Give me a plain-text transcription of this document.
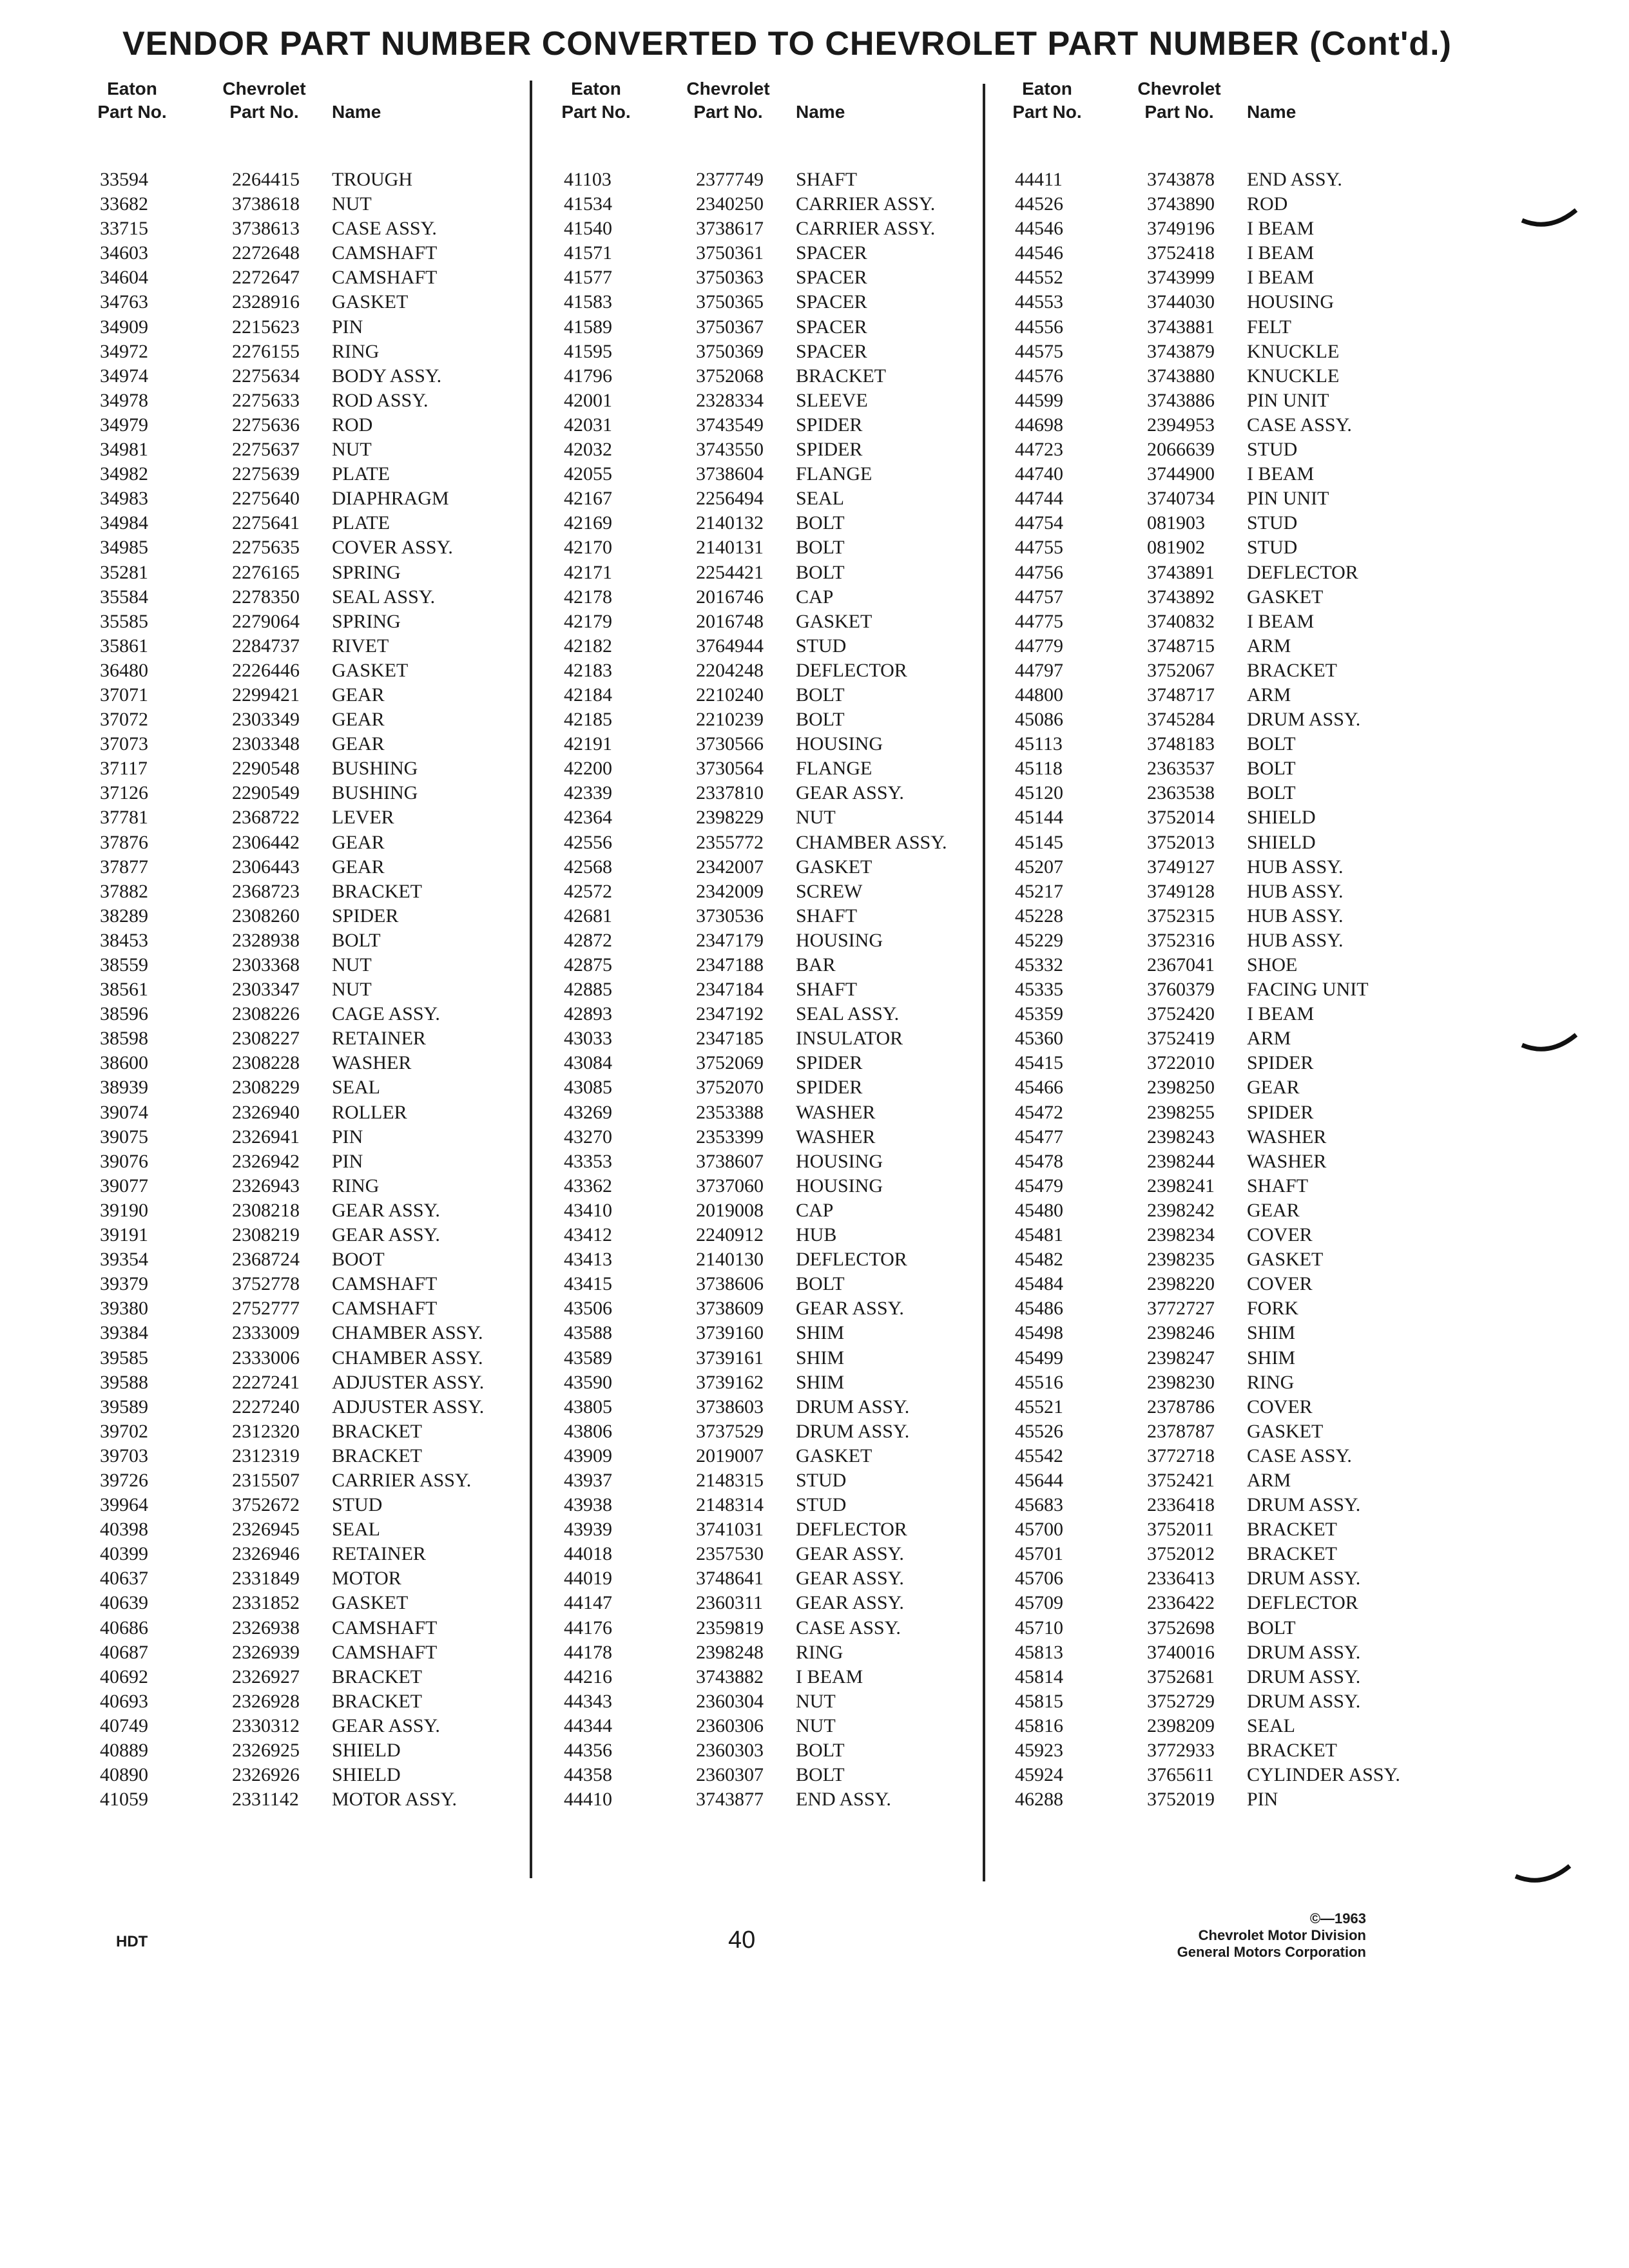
VENDOR PART NUMBER CONVERTED TO CHEVROLET PART NUMBER (Cont'd.)
Eaton
Part No.
Chevrolet
Part No.	Name
33594	2264415 TROUGH
33682	3738618 NUT
33715	3738613 CASE ASSY.
34603	2272648 CAMSHAFT
34604	2272647 CAMSHAFT
34763	2328916 GASKET
34909	2215623 PIN
34972	2276155 RING
34974	2275634 BODY ASSY.
34978	2275633 ROD ASSY.
34979	2275636 ROD
34981	2275637 NUT
34982	2275639 PLATE
34983	2275640 DIAPHRAGM
34984	2275641 PLATE
34985	2275635 COVER ASSY.
35281	2276165 SPRING
35584	2278350 SEAL ASSY.
35585	2279064 SPRING
35861	2284737 RIVET
36480	2226446 GASKET
37071	2299421 GEAR
37072	2303349 GEAR
37073	2303348 GEAR
37117	2290548 BUSHING
37126	2290549 BUSHING
37781	2368722 LEVER
37876	2306442 GEAR
37877	2306443 GEAR
37882	2368723 BRACKET
38289	2308260 SPIDER
38453	2328938 BOLT
38559	2303368 NUT
38561	2303347 NUT
38596	2308226 CAGE ASSY.
38598	2308227 RETAINER
38600	2308228 WASHER
38939	2308229 SEAL
39074	2326940 ROLLER
39075	2326941 PIN
39076	2326942 PIN
39077	2326943 RING
39190	2308218 GEAR ASSY.
39191	2308219 GEAR ASSY.
39354	2368724 BOOT
39379	3752778 CAMSHAFT
39380	2752777 CAMSHAFT
39384	2333009 CHAMBER ASSY.
39585	2333006 CHAMBER ASSY.
39588	2227241 ADJUSTER ASSY.
39589	2227240 ADJUSTER ASSY.
39702	2312320 BRACKET
39703	2312319 BRACKET
39726	2315507 CARRIER ASSY.
39964	3752672 STUD
40398	2326945 SEAL
40399	2326946 RETAINER
40637	2331849 MOTOR
40639	2331852 GASKET
40686	2326938 CAMSHAFT
40687	2326939 CAMSHAFT
40692	2326927 BRACKET
40693	2326928 BRACKET
40749	2330312 GEAR ASSY.
40889	2326925 SHIELD
40890	2326926 SHIELD
41059	2331142 MOTOR ASSY.
Eaton
Part No.
Chevrolet
Part No.	Name
41103	2377749 SHAFT
41534	2340250 CARRIER ASSY.
41540	3738617 CARRIER ASSY.
41571	3750361 SPACER
41577	3750363 SPACER
41583	3750365 SPACER
41589	3750367 SPACER
41595	3750369 SPACER
41796	3752068 BRACKET
42001	2328334 SLEEVE
42031	3743549 SPIDER
42032	3743550 SPIDER
42055	3738604 FLANGE
42167	2256494 SEAL
42169	2140132 BOLT
42170	2140131 BOLT
42171	2254421 BOLT
42178	2016746 CAP
42179	2016748 GASKET
42182	3764944 STUD
42183	2204248 DEFLECTOR
42184	2210240 BOLT
42185	2210239 BOLT
42191	3730566 HOUSING
42200	3730564 FLANGE
42339	2337810 GEAR ASSY.
42364	2398229 NUT
42556	2355772 CHAMBER ASSY.
42568	2342007 GASKET
42572	2342009 SCREW
42681	3730536 SHAFT
42872	2347179 HOUSING
42875	2347188 BAR
42885	2347184 SHAFT
42893	2347192 SEAL ASSY.
43033	2347185 INSULATOR
43084	3752069 SPIDER
43085	3752070 SPIDER
43269	2353388 WASHER
43270	2353399 WASHER
43353	3738607 HOUSING
43362	3737060 HOUSING
43410	2019008 CAP
43412	2240912 HUB
43413	2140130 DEFLECTOR
43415	3738606 BOLT
43506	3738609 GEAR ASSY.
43588	3739160 SHIM
43589	3739161 SHIM
43590	3739162 SHIM
43805	3738603 DRUM ASSY.
43806	3737529 DRUM ASSY.
43909	2019007 GASKET
43937	2148315 STUD
43938	2148314 STUD
43939	3741031 DEFLECTOR
44018	2357530 GEAR ASSY.
44019	3748641 GEAR ASSY.
44147	2360311 GEAR ASSY.
44176	2359819 CASE ASSY.
44178	2398248 RING
44216	3743882 I BEAM
44343	2360304 NUT
44344	2360306 NUT
44356	2360303 BOLT
44358	2360307 BOLT
44410	3743877 END ASSY.
Eaton
Part No.
Chevrolet
Part No.	Name
44411	3743878 END ASSY.
44526	3743890 ROD
44546	3749196 I BEAM
44546	3752418 I BEAM
44552	3743999 I BEAM
44553	3744030 HOUSING
44556	3743881 FELT
44575	3743879 KNUCKLE
44576	3743880 KNUCKLE
44599	3743886 PIN UNIT
44698	2394953 CASE ASSY.
44723	2066639 STUD
44740	3744900 I BEAM
44744	3740734 PIN UNIT
44754	081903 STUD
44755	081902 STUD
44756	3743891 DEFLECTOR
44757	3743892 GASKET
44775	3740832 I BEAM
44779	3748715 ARM
44797	3752067 BRACKET
44800	3748717 ARM
45086	3745284 DRUM ASSY.
45113	3748183 BOLT
45118	2363537 BOLT
45120	2363538 BOLT
45144	3752014 SHIELD
45145	3752013 SHIELD
45207	3749127 HUB ASSY.
45217	3749128 HUB ASSY.
45228	3752315 HUB ASSY.
45229	3752316 HUB ASSY.
45332	2367041 SHOE
45335	3760379 FACING UNIT
45359	3752420 I BEAM
45360	3752419 ARM
45415	3722010 SPIDER
45466	2398250 GEAR
45472	2398255 SPIDER
45477	2398243 WASHER
45478	2398244 WASHER
45479	2398241 SHAFT
45480	2398242 GEAR
45481	2398234 COVER
45482	2398235 GASKET
45484	2398220 COVER
45486	3772727 FORK
45498	2398246 SHIM
45499	2398247 SHIM
45516	2398230 RING
45521	2378786 COVER
45526	2378787 GASKET
45542	3772718 CASE ASSY.
45644	3752421 ARM
45683	2336418 DRUM ASSY.
45700	3752011 BRACKET
45701	3752012 BRACKET
45706	2336413 DRUM ASSY.
45709	2336422 DEFLECTOR
45710	3752698 BOLT
45813	3740016 DRUM ASSY.
45814	3752681 DRUM ASSY.
45815	3752729 DRUM ASSY.
45816	2398209 SEAL
45923	3772933 BRACKET
45924	3765611 CYLINDER ASSY.
46288	3752019 PIN
HDT	40
©—1963
Chevrolet Motor Division
General Motors Corporation
